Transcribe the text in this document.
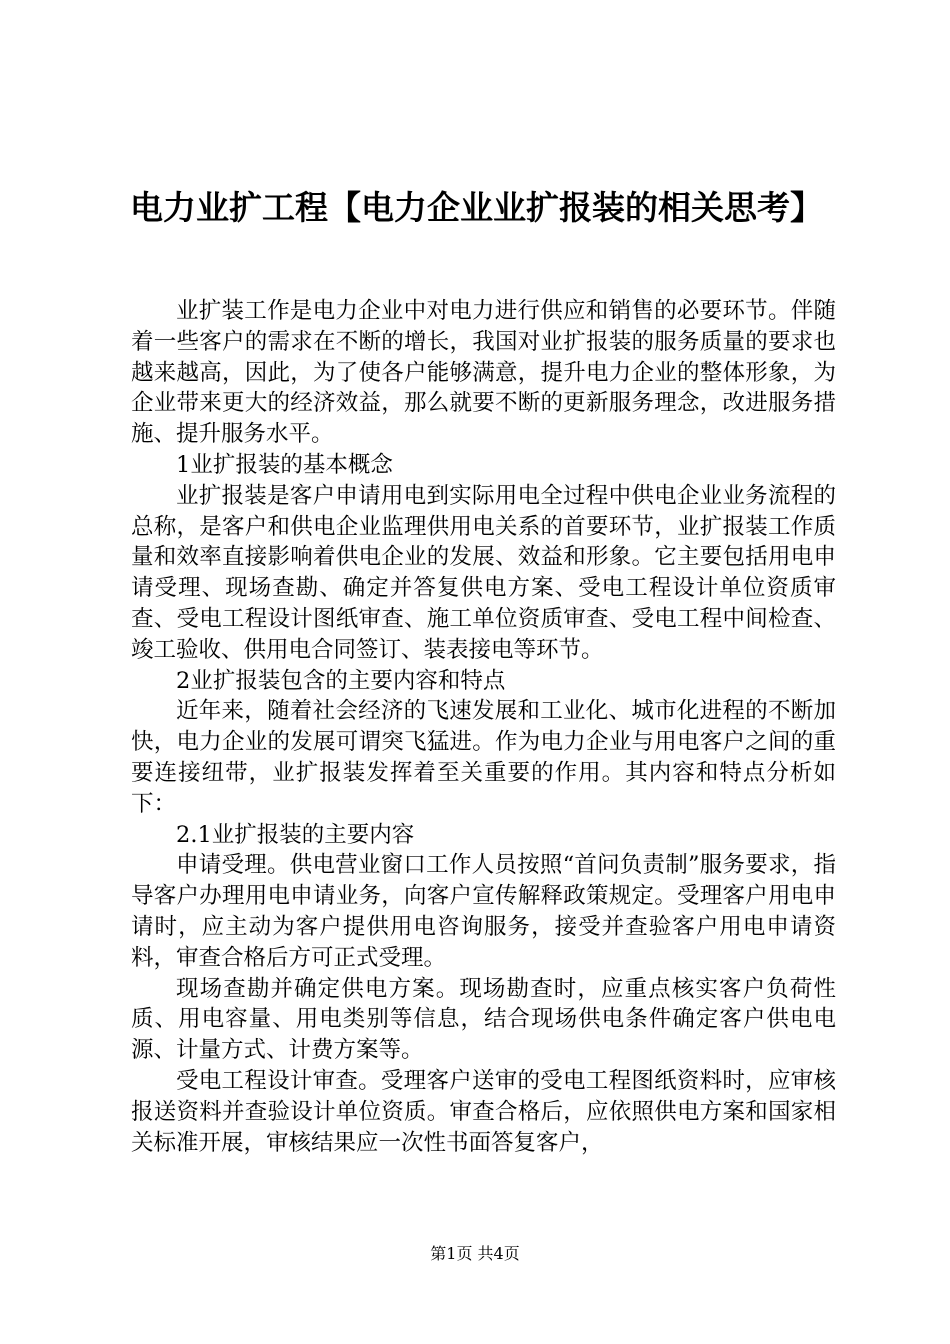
电力业扩工程【电力企业业扩报装的相关思考】

业扩装工作是电力企业中对电力进行供应和销售的必要环节。伴随着一些客户的需求在不断的增长，我国对业扩报装的服务质量的要求也越来越高，因此，为了使各户能够满意，提升电力企业的整体形象，为企业带来更大的经济效益，那么就要不断的更新服务理念，改进服务措施、提升服务水平。

1业扩报装的基本概念

业扩报装是客户申请用电到实际用电全过程中供电企业业务流程的总称，是客户和供电企业监理供用电关系的首要环节，业扩报装工作质量和效率直接影响着供电企业的发展、效益和形象。它主要包括用电申请受理、现场查勘、确定并答复供电方案、受电工程设计单位资质审查、受电工程设计图纸审查、施工单位资质审查、受电工程中间检查、竣工验收、供用电合同签订、装表接电等环节。

2业扩报装包含的主要内容和特点

近年来，随着社会经济的飞速发展和工业化、城市化进程的不断加快，电力企业的发展可谓突飞猛进。作为电力企业与用电客户之间的重要连接纽带，业扩报装发挥着至关重要的作用。其内容和特点分析如下：

2.1业扩报装的主要内容

申请受理。供电营业窗口工作人员按照“首问负责制”服务要求，指导客户办理用电申请业务，向客户宣传解释政策规定。受理客户用电申请时，应主动为客户提供用电咨询服务，接受并查验客户用电申请资料，审查合格后方可正式受理。

现场查勘并确定供电方案。现场勘查时，应重点核实客户负荷性质、用电容量、用电类别等信息，结合现场供电条件确定客户供电电源、计量方式、计费方案等。

受电工程设计审查。受理客户送审的受电工程图纸资料时，应审核报送资料并查验设计单位资质。审查合格后，应依照供电方案和国家相关标准开展，审核结果应一次性书面答复客户，

第1页 共4页
